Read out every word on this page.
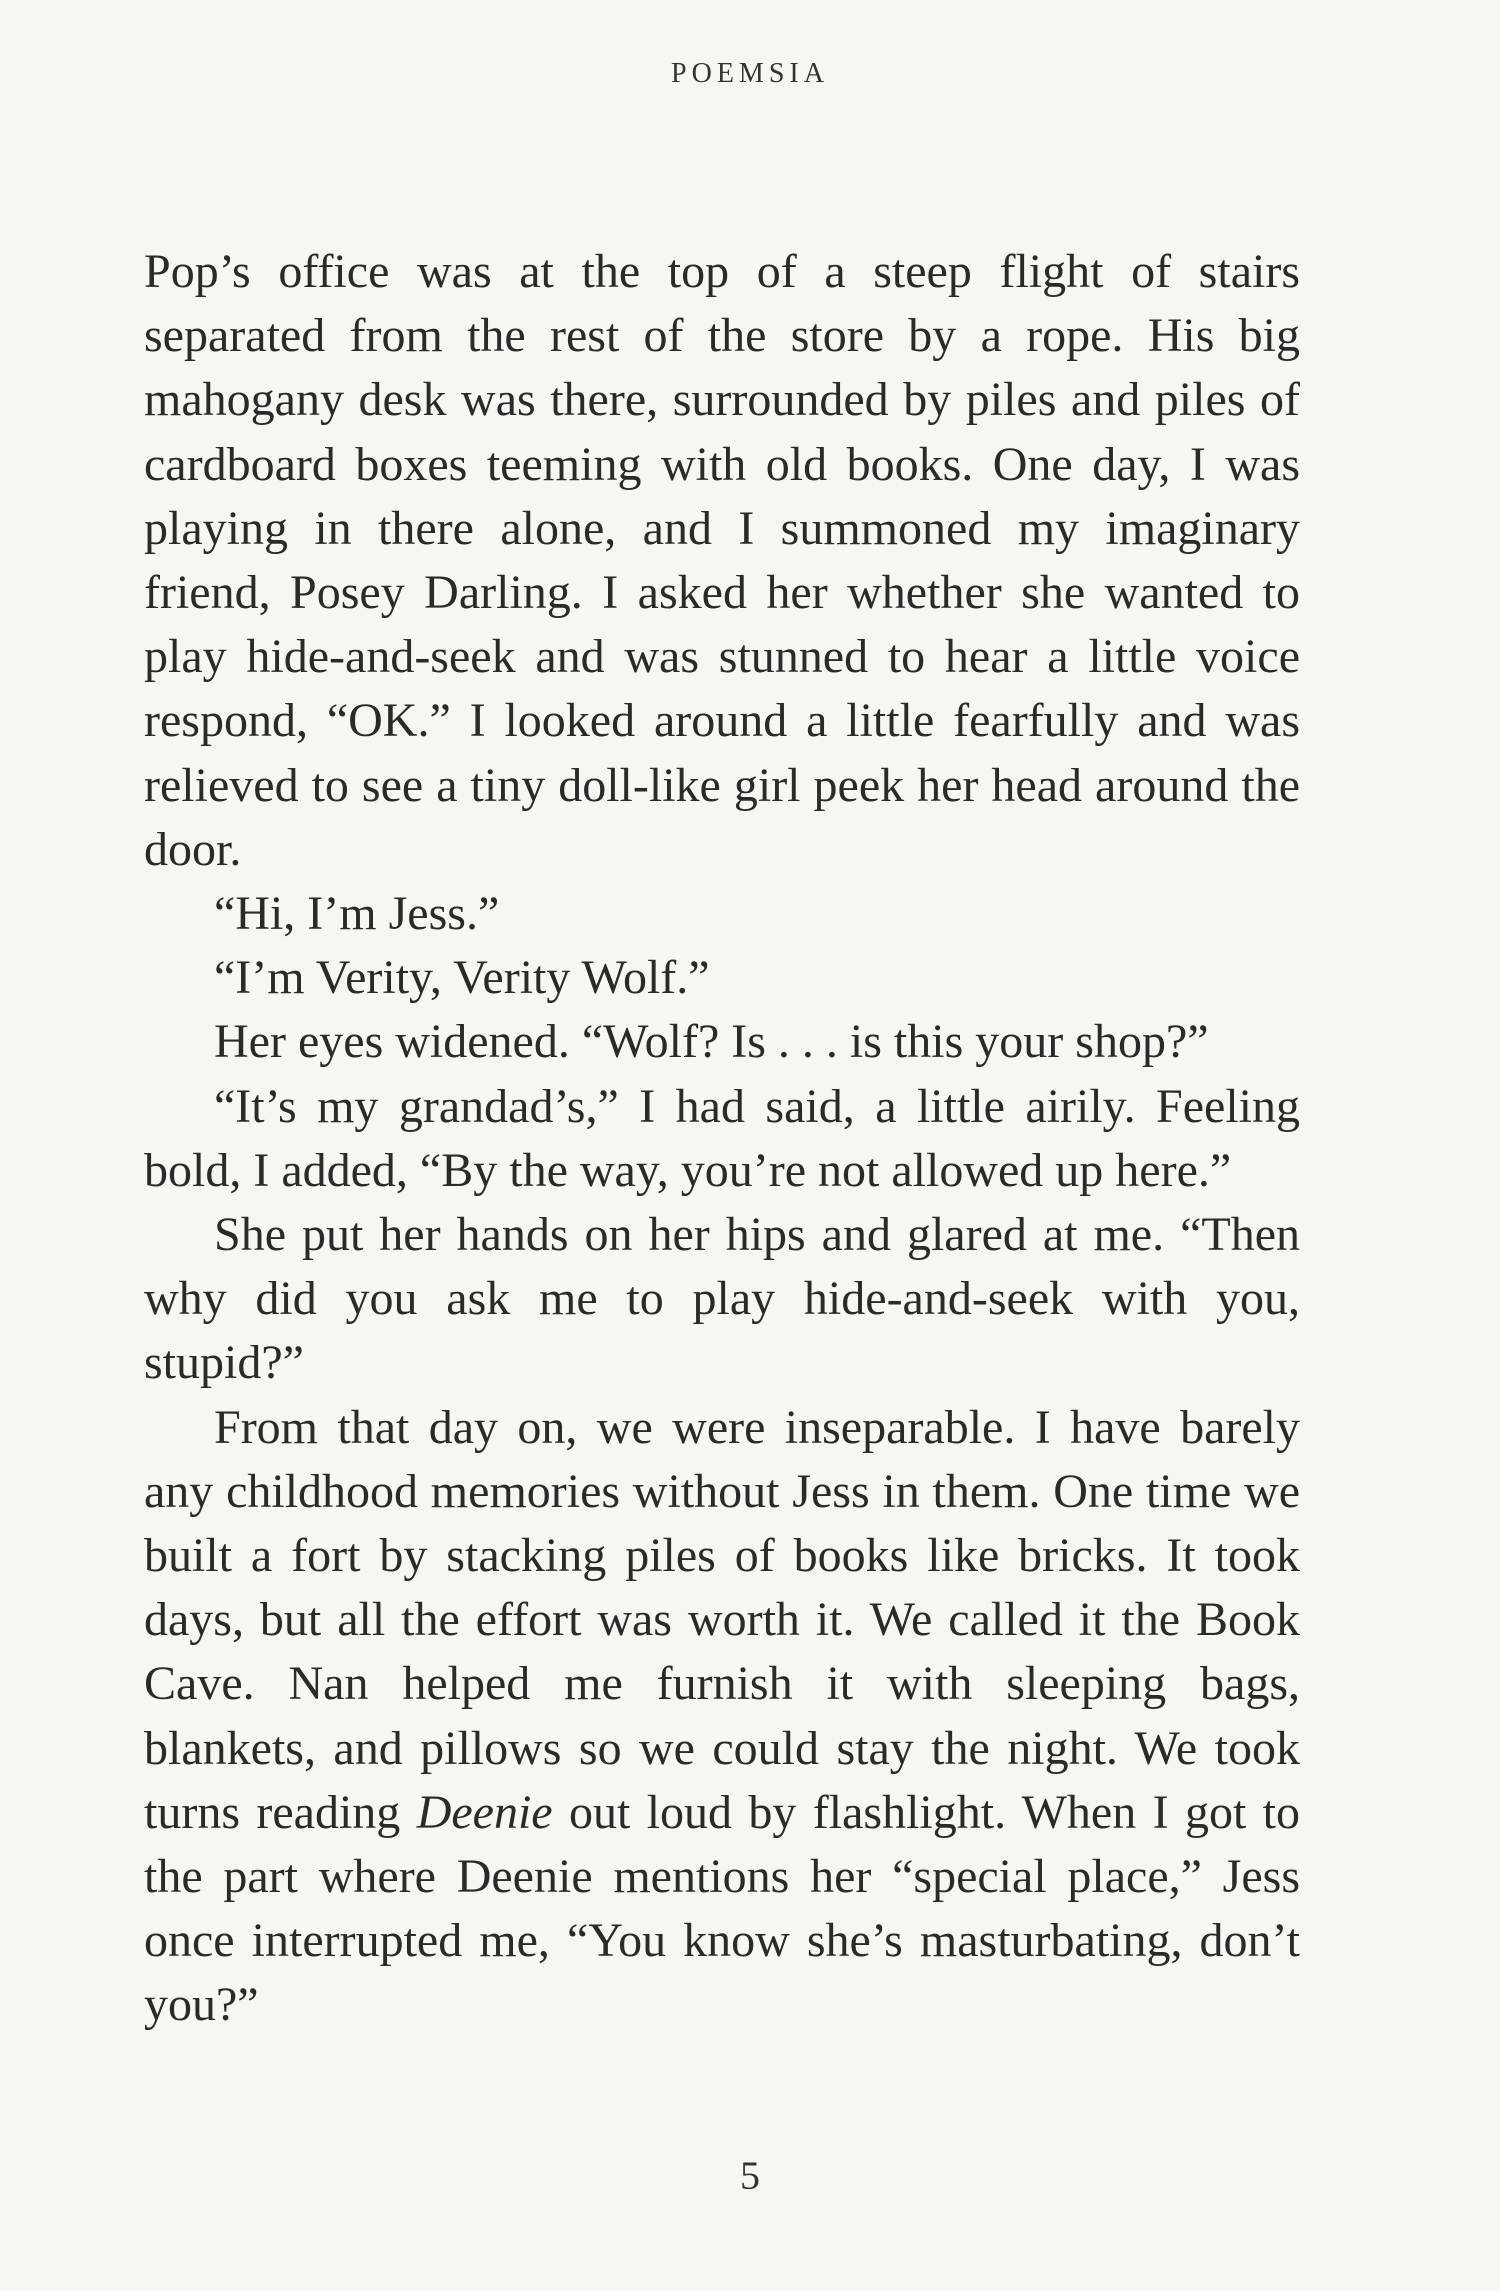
POEMSIA

Pop’s office was at the top of a steep flight of stairs separated from the rest of the store by a rope. His big mahogany desk was there, surrounded by piles and piles of cardboard boxes teeming with old books. One day, I was playing in there alone, and I summoned my imaginary friend, Posey Darling. I asked her whether she wanted to play hide-and-seek and was stunned to hear a little voice respond, “OK.” I looked around a little fearfully and was relieved to see a tiny doll-like girl peek her head around the door.

“Hi, I’m Jess.”

“I’m Verity, Verity Wolf.”

Her eyes widened. “Wolf? Is . . . is this your shop?”

“It’s my grandad’s,” I had said, a little airily. Feeling bold, I added, “By the way, you’re not allowed up here.”

She put her hands on her hips and glared at me. “Then why did you ask me to play hide-and-seek with you, stupid?”

From that day on, we were inseparable. I have barely any childhood memories without Jess in them. One time we built a fort by stacking piles of books like bricks. It took days, but all the effort was worth it. We called it the Book Cave. Nan helped me furnish it with sleeping bags, blankets, and pillows so we could stay the night. We took turns reading Deenie out loud by flashlight. When I got to the part where Deenie mentions her “special place,” Jess once interrupted me, “You know she’s masturbating, don’t you?”

5
